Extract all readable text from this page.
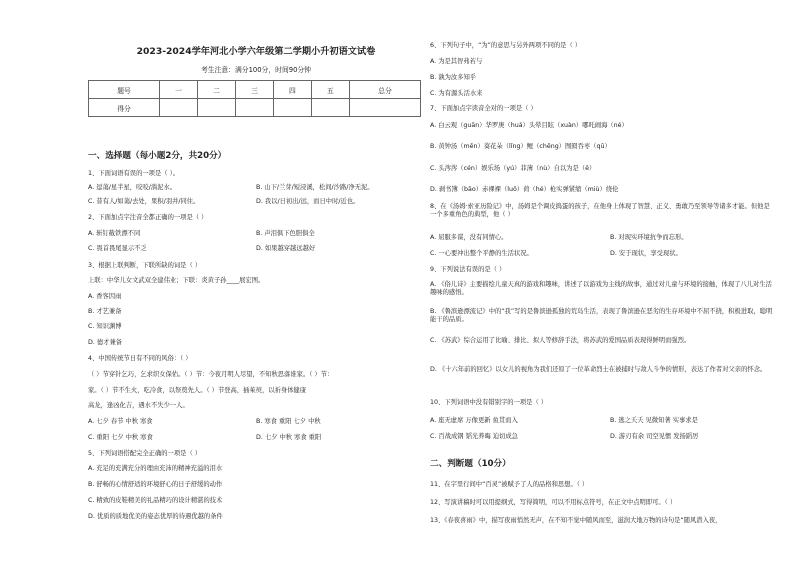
2023-2024学年河北小学六年级第二学期小升初语文试卷
考生注意：满分100分，时间90分钟
题号	一	二	三	四	五	总分
得分						
一、选择题（每小题2分，共20分）
1、下面词语有误的一项是（ ）。
A. 逗蔼/星半星，咬咬/淌泥水。	B. 山下/兰芽/短浸溪，松间/沙路/净无泥。
C. 昔有人/如蔼/去处，果积/羽井/同住。	D. 我以/日初出/远，而日中时/近也。
2、下面加点字注音全都正确的一项是（ ）
A. 斩钉截铁漂不同	B. 声泪俱下色胆俱全
C. 畏首畏尾显示不乏	D. 如果越穿越远越好
3、根据上联判断，下联所缺的词是（ ）
上联：中华儿女文武双全建伟业；下联：炎黄子孙____展宏图。
A. 香客因雨
B. 才艺兼备
C. 知识渊博
D. 德才兼备
4、中国传统节日有不同的风俗：（ ）
（ ）节穿针乞巧，乞求织女保佑。（ ）节：今夜月明人尽望，不知秋思落谁家。（ ）节：
家。（ ）节不生火，吃冷食，以祭奠先人。（ ）节登高，插茱萸，以祈身体健康
高龙，逢凶化吉，遇水不失少一人。
A. 七夕 春节 中秋 寒食	B. 寒食 重阳 七夕 中秋
C. 重阳 七夕 中秋 寒食	D. 七夕 中秋 寒食 重阳
5、下列词语搭配完全正确的一项是（ ）
A. 充足的充满充分的理由充沛的精神充溢的泪水
B. 舒畅的心情舒适的环境舒心的日子舒缓的动作
C. 精致的皮鞋精美的礼品精巧的设计精湛的技术
D. 优质的质地优美的姿态优厚的待遇优越的条件
6、下列句子中，“为”的意思与另外两项不同的是（ ）
A. 为是其智弗若与
B. 孰为汝多知乎
C. 为有源头活水来
7、下面加点字读音全对的一项是（ ）
A. 白云观（guān）华罗庚（huá）头晕目眩（xuàn）哪吒闹海（né）
B. 黄钟汤（mēn）葵花朵（lǐng）鲤（chēng）囫囵吞枣（qū）
C. 头涔涔（cén）娱乐场（yú）菲薄（nù）自以为是（ē）
D. 剥书簿（bāo）赤裸裸（luǒ）荷（hé）枪实弹紧缩（miù）绕伦
8、在《汤姆·索亚历险记》中，汤姆是个调皮捣蛋的孩子，在他身上体现了智慧、正义、勇敢乃至领导等诸多才能。但他是一个多重角色的典型，他（ ）
A. 屈服多谋，没有同情心。	B. 对现实环境抗争而忘形。
C. 一心要冲出整个平静的生活状况。	D. 安于现状，享受现状。
9、下列说法有误的是（ ）
A. 《俗儿诗》主要描绘儿童天真的游戏和趣味，讲述了以游戏为主线的故事，通过对儿童与环境的接触，体现了八儿对生活趣味的感悟。
B. 《鲁滨逊漂流记》中的“我”写的是鲁滨逊孤独的荒岛生活，表现了鲁滨逊在恶劣的生存环境中不屈不挠，积极进取，聪明能干的品质。
C. 《苏武》综合运用了比喻、排比、拟人等修辞手法，将苏武的爱国品质表现得鲜明而强烈。
D. 《十六年前的回忆》以女儿的视角为我们还原了一位革命烈士在被捕时与敌人斗争的情形，表达了作者对父亲的怀念。
10、下列词语中没有错别字的一项是（ ）
A. 座无虚席 万像更新 鱼贯而入	B. 逃之夭夭 见微知著 实事求是
C. 百战成钢 韬光养晦 迫切成急	D. 游刃有余 司空见惯 发扬蹈厉
二、判断题（10分）
11、在字里行间中“百灵”被赋予了人的品格和思想。（ ）
12、写演讲稿时可以用提纲式，写得简明，可以不用标点符号，在正文中点明即可。（ ）
13、《春夜喜雨》中，描写夜雨悄然无声，在不知不觉中随风而至，滋润大地万物的诗句是“随风潜入夜，
